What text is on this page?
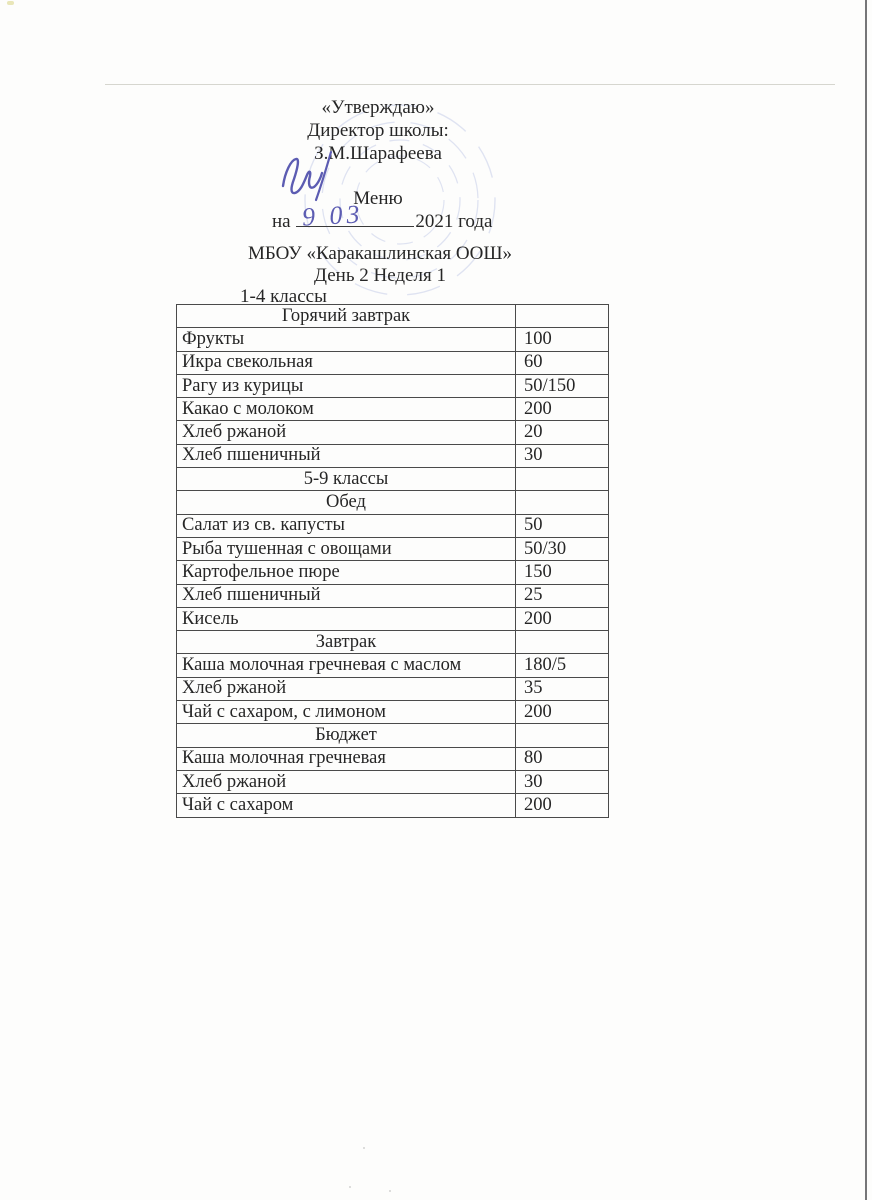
«Утверждаю»
Директор школы:
З.М.Шарафеева
Меню
на 9 03	2021 года
МБОУ «Каракашлинская ООШ»
День 2 Неделя 1
1-4 классы
Горячий завтрак	
Фрукты	100
Икра свекольная	60
Рагу из курицы	50/150
Какао с молоком	200
Хлеб ржаной	20
Хлеб пшеничный	30
5-9 классы	
Обед	
Салат из св. капусты	50
Рыба тушенная с овощами	50/30
Картофельное пюре	150
Хлеб пшеничный	25
Кисель	200
Завтрак	
Каша молочная гречневая с маслом	180/5
Хлеб ржаной	35
Чай с сахаром, с лимоном	200
Бюджет	
Каша молочная гречневая	80
Хлеб ржаной	30
Чай с сахаром	200
